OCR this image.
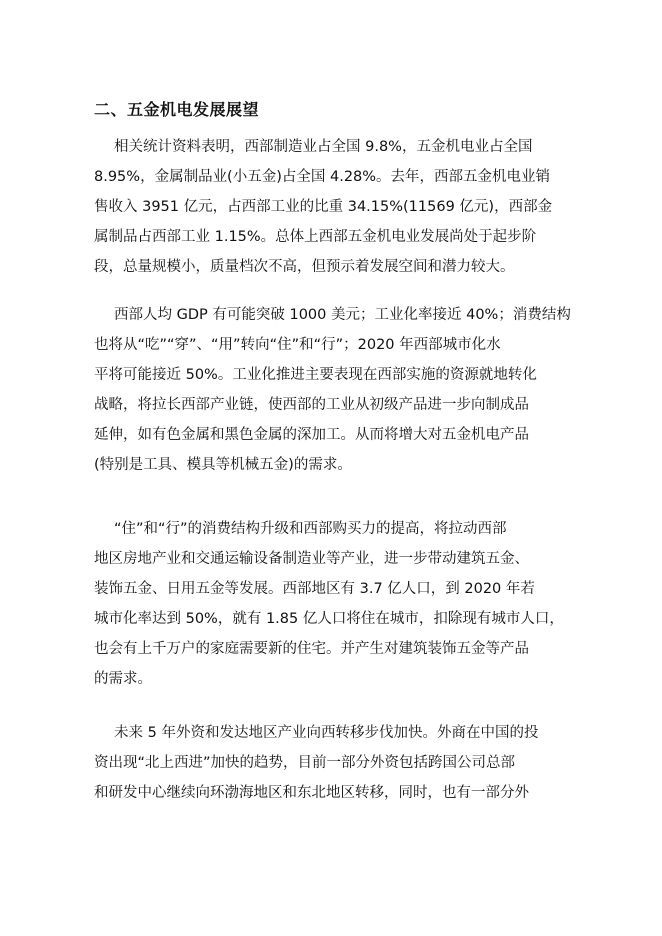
二、五金机电发展展望
相关统计资料表明，西部制造业占全国 9.8%，五金机电业占全国
8.95%，金属制品业(小五金)占全国 4.28%。去年，西部五金机电业销
售收入 3951 亿元，占西部工业的比重 34.15%(11569 亿元)，西部金
属制品占西部工业 1.15%。总体上西部五金机电业发展尚处于起步阶
段，总量规模小，质量档次不高，但预示着发展空间和潜力较大。
西部人均 GDP 有可能突破 1000 美元；工业化率接近 40%；消费结构
也将从“吃”“穿”、“用”转向“住”和“行”；2020 年西部城市化水
平将可能接近 50%。工业化推进主要表现在西部实施的资源就地转化
战略，将拉长西部产业链，使西部的工业从初级产品进一步向制成品
延伸，如有色金属和黑色金属的深加工。从而将增大对五金机电产品
(特别是工具、模具等机械五金)的需求。
“住”和“行”的消费结构升级和西部购买力的提高，将拉动西部
地区房地产业和交通运输设备制造业等产业，进一步带动建筑五金、
装饰五金、日用五金等发展。西部地区有 3.7 亿人口，到 2020 年若
城市化率达到 50%，就有 1.85 亿人口将住在城市，扣除现有城市人口，
也会有上千万户的家庭需要新的住宅。并产生对建筑装饰五金等产品
的需求。
未来 5 年外资和发达地区产业向西转移步伐加快。外商在中国的投
资出现“北上西进”加快的趋势，目前一部分外资包括跨国公司总部
和研发中心继续向环渤海地区和东北地区转移，同时，也有一部分外
